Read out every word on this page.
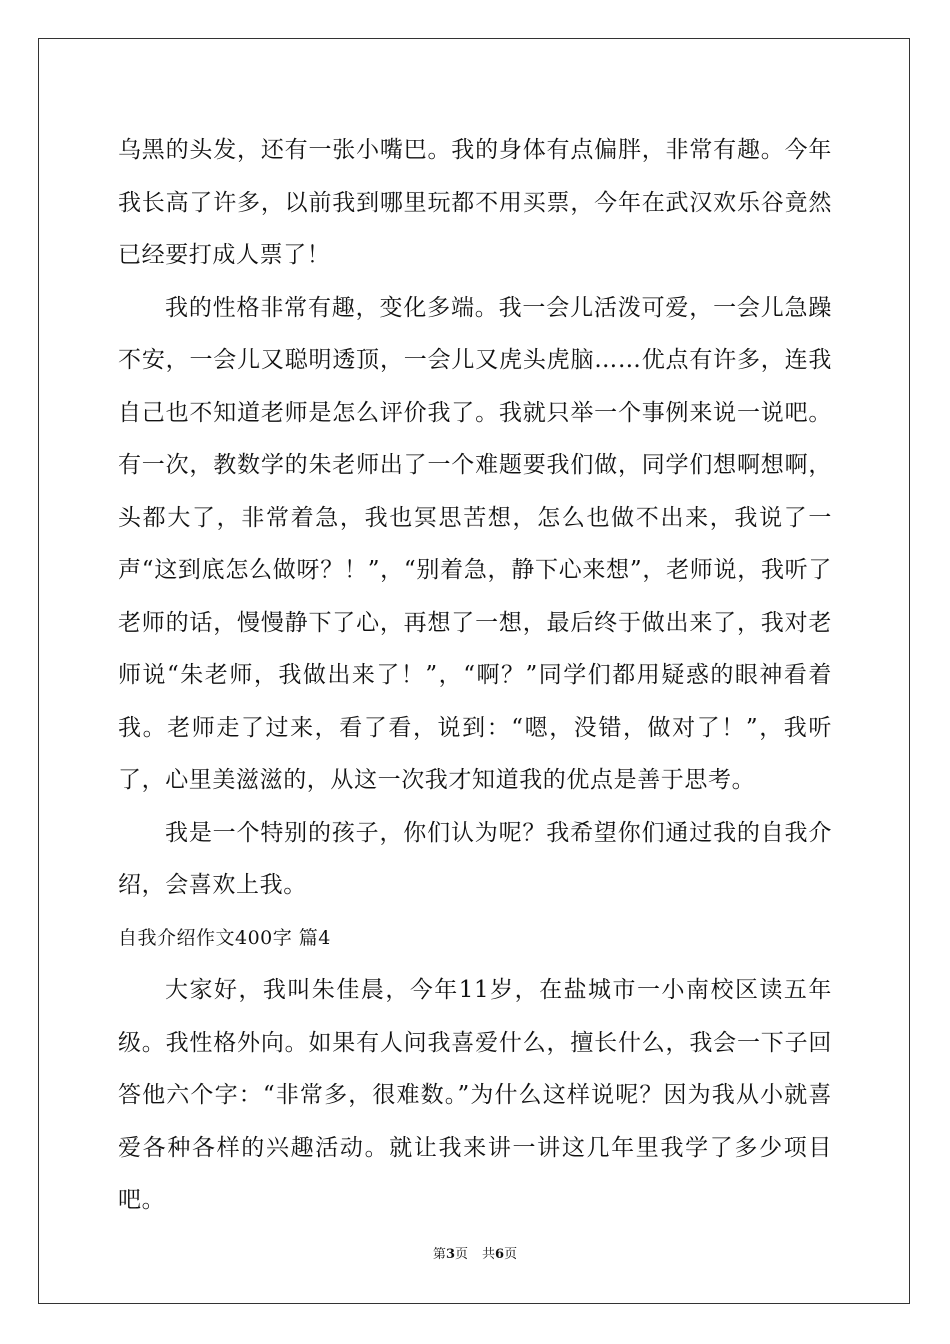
乌黑的头发，还有一张小嘴巴。我的身体有点偏胖，非常有趣。今年我长高了许多，以前我到哪里玩都不用买票，今年在武汉欢乐谷竟然已经要打成人票了！

我的性格非常有趣，变化多端。我一会儿活泼可爱，一会儿急躁不安，一会儿又聪明透顶，一会儿又虎头虎脑……优点有许多，连我自己也不知道老师是怎么评价我了。我就只举一个事例来说一说吧。有一次，教数学的朱老师出了一个难题要我们做，同学们想啊想啊，头都大了，非常着急，我也冥思苦想，怎么也做不出来，我说了一声“这到底怎么做呀？！”，“别着急，静下心来想”，老师说，我听了老师的话，慢慢静下了心，再想了一想，最后终于做出来了，我对老师说“朱老师，我做出来了！”，“啊？”同学们都用疑惑的眼神看着我。老师走了过来，看了看，说到：“嗯，没错，做对了！”，我听了，心里美滋滋的，从这一次我才知道我的优点是善于思考。

我是一个特别的孩子，你们认为呢？我希望你们通过我的自我介绍，会喜欢上我。

自我介绍作文400字 篇4

大家好，我叫朱佳晨，今年11岁，在盐城市一小南校区读五年级。我性格外向。如果有人问我喜爱什么，擅长什么，我会一下子回答他六个字：“非常多，很难数。”为什么这样说呢？因为我从小就喜爱各种各样的兴趣活动。就让我来讲一讲这几年里我学了多少项目吧。

第3页 共6页
